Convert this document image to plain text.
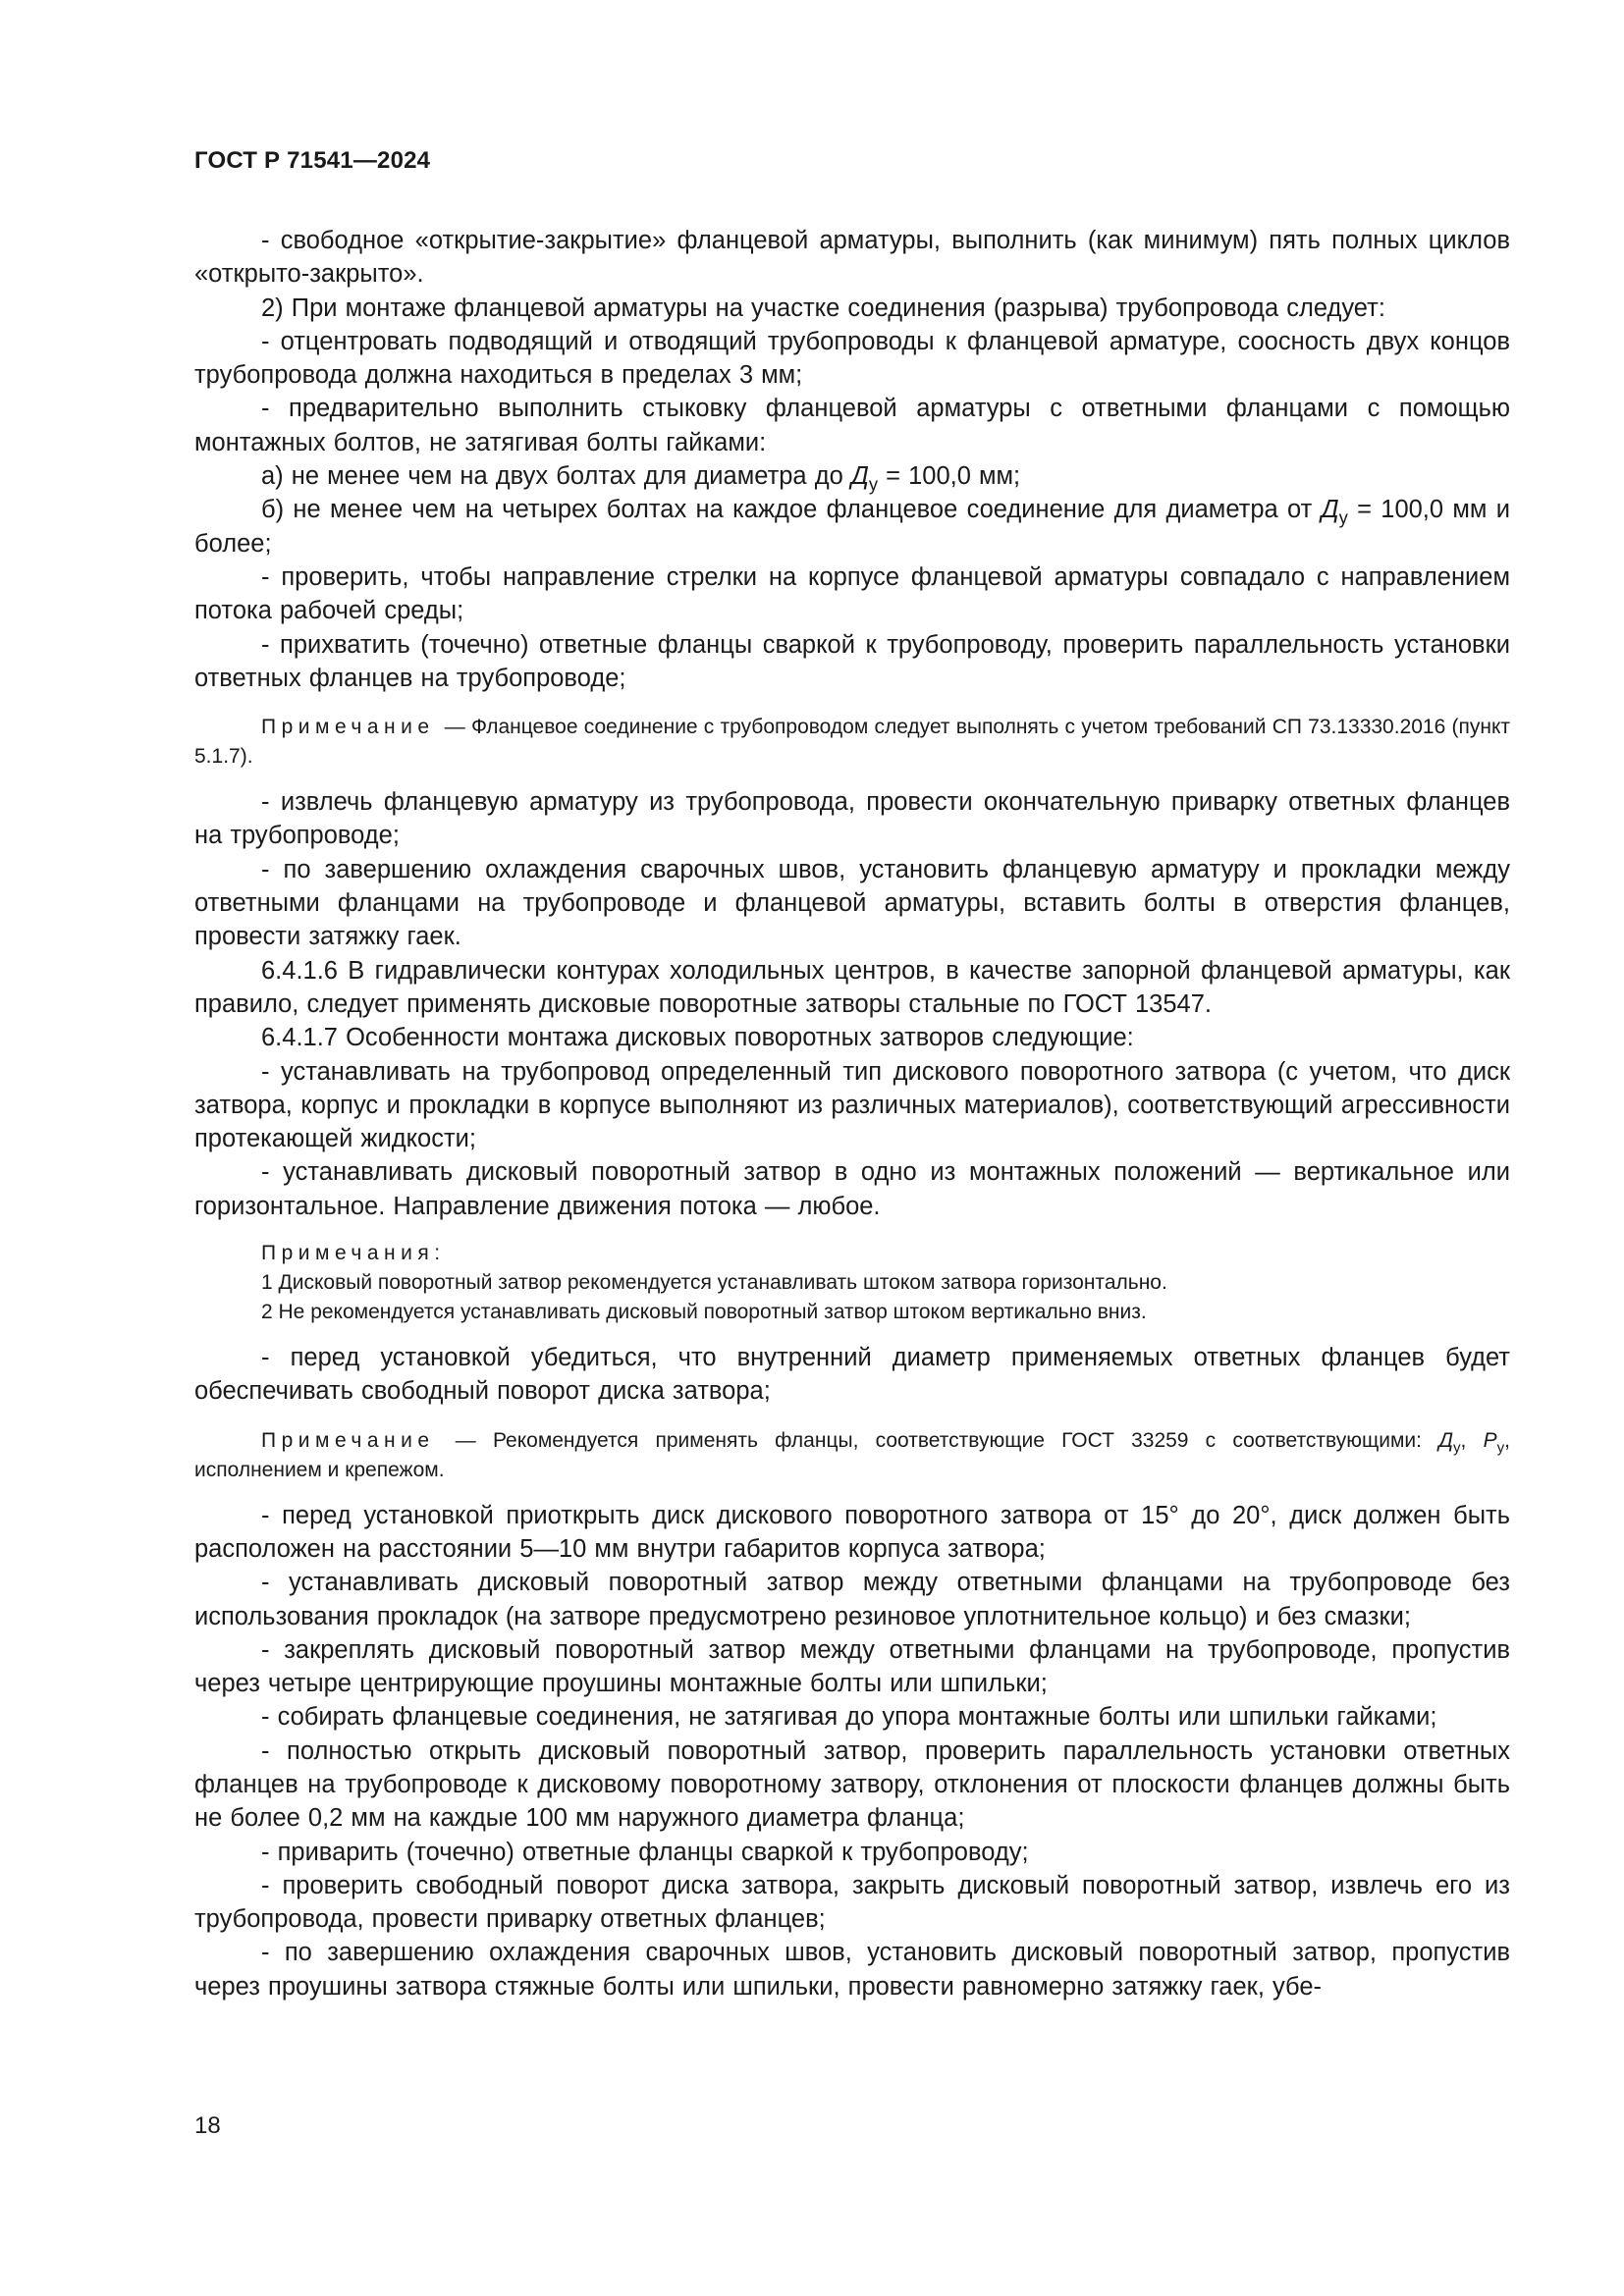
ГОСТ Р 71541—2024

- свободное «открытие-закрытие» фланцевой арматуры, выполнить (как минимум) пять полных циклов «открыто-закрыто».

2) При монтаже фланцевой арматуры на участке соединения (разрыва) трубопровода следует:

- отцентровать подводящий и отводящий трубопроводы к фланцевой арматуре, соосность двух концов трубопровода должна находиться в пределах 3 мм;

- предварительно выполнить стыковку фланцевой арматуры с ответными фланцами с помощью монтажных болтов, не затягивая болты гайками:

а) не менее чем на двух болтах для диаметра до $Д_у = 100,0$ мм;

б) не менее чем на четырех болтах на каждое фланцевое соединение для диаметра от $Д_у = 100,0$ мм и более;

- проверить, чтобы направление стрелки на корпусе фланцевой арматуры совпадало с направлением потока рабочей среды;

- прихватить (точечно) ответные фланцы сваркой к трубопроводу, проверить параллельность установки ответных фланцев на трубопроводе;

Примечание — Фланцевое соединение с трубопроводом следует выполнять с учетом требований СП 73.13330.2016 (пункт 5.1.7).

- извлечь фланцевую арматуру из трубопровода, провести окончательную приварку ответных фланцев на трубопроводе;

- по завершению охлаждения сварочных швов, установить фланцевую арматуру и прокладки между ответными фланцами на трубопроводе и фланцевой арматуры, вставить болты в отверстия фланцев, провести затяжку гаек.

6.4.1.6 В гидравлически контурах холодильных центров, в качестве запорной фланцевой арматуры, как правило, следует применять дисковые поворотные затворы стальные по ГОСТ 13547.

6.4.1.7 Особенности монтажа дисковых поворотных затворов следующие:

- устанавливать на трубопровод определенный тип дискового поворотного затвора (с учетом, что диск затвора, корпус и прокладки в корпусе выполняют из различных материалов), соответствующий агрессивности протекающей жидкости;

- устанавливать дисковый поворотный затвор в одно из монтажных положений — вертикальное или горизонтальное. Направление движения потока — любое.

Примечания:
1 Дисковый поворотный затвор рекомендуется устанавливать штоком затвора горизонтально.
2 Не рекомендуется устанавливать дисковый поворотный затвор штоком вертикально вниз.

- перед установкой убедиться, что внутренний диаметр применяемых ответных фланцев будет обеспечивать свободный поворот диска затвора;

Примечание — Рекомендуется применять фланцы, соответствующие ГОСТ 33259 с соответствующими: $Д_у$, $Р_у$, исполнением и крепежом.

- перед установкой приоткрыть диск дискового поворотного затвора от 15° до 20°, диск должен быть расположен на расстоянии 5—10 мм внутри габаритов корпуса затвора;

- устанавливать дисковый поворотный затвор между ответными фланцами на трубопроводе без использования прокладок (на затворе предусмотрено резиновое уплотнительное кольцо) и без смазки;

- закреплять дисковый поворотный затвор между ответными фланцами на трубопроводе, пропустив через четыре центрирующие проушины монтажные болты или шпильки;

- собирать фланцевые соединения, не затягивая до упора монтажные болты или шпильки гайками;

- полностью открыть дисковый поворотный затвор, проверить параллельность установки ответных фланцев на трубопроводе к дисковому поворотному затвору, отклонения от плоскости фланцев должны быть не более 0,2 мм на каждые 100 мм наружного диаметра фланца;

- приварить (точечно) ответные фланцы сваркой к трубопроводу;

- проверить свободный поворот диска затвора, закрыть дисковый поворотный затвор, извлечь его из трубопровода, провести приварку ответных фланцев;

- по завершению охлаждения сварочных швов, установить дисковый поворотный затвор, пропустив через проушины затвора стяжные болты или шпильки, провести равномерно затяжку гаек, убе-

18
